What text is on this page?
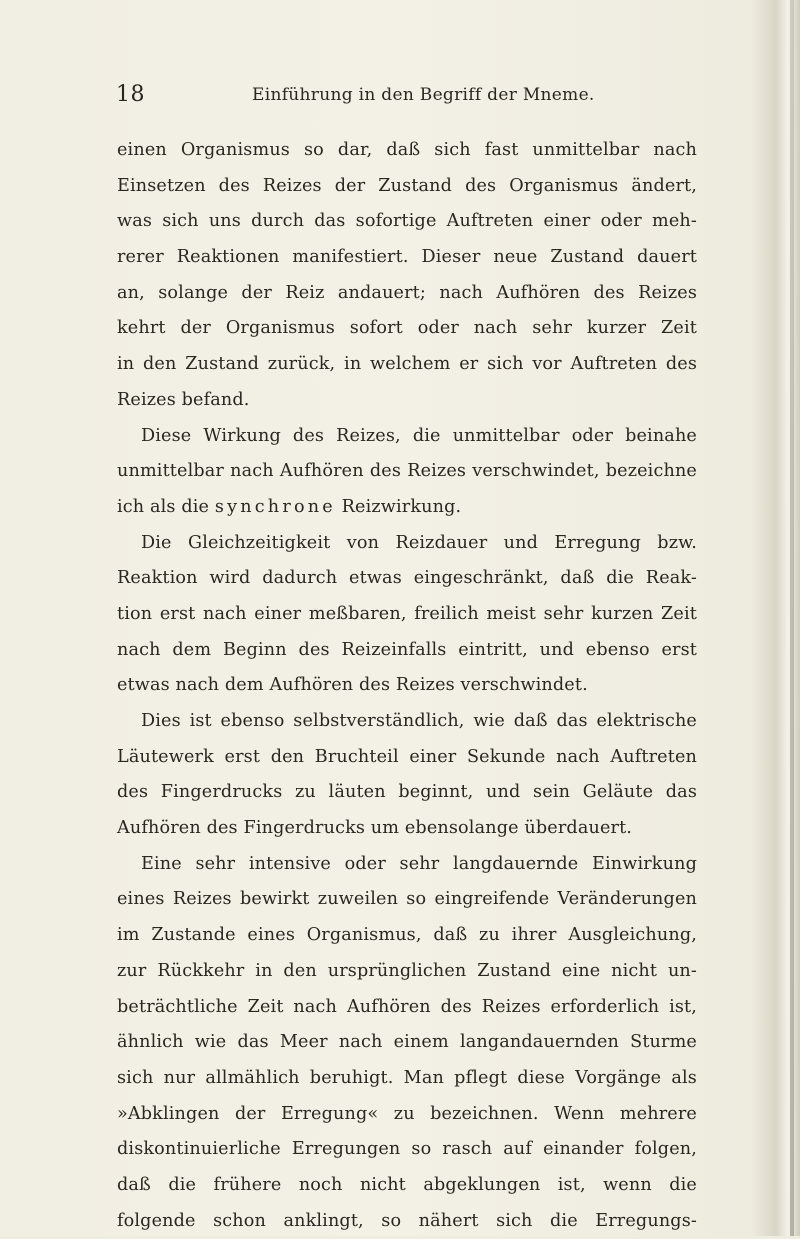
18	Einführung in den Begriff der Mneme.
einen Organismus so dar, daß sich fast unmittelbar nach
Einsetzen des Reizes der Zustand des Organismus ändert,
was sich uns durch das sofortige Auftreten einer oder meh-
rerer Reaktionen manifestiert. Dieser neue Zustand dauert
an, solange der Reiz andauert; nach Aufhören des Reizes
kehrt der Organismus sofort oder nach sehr kurzer Zeit
in den Zustand zurück, in welchem er sich vor Auftreten des
Reizes befand.
Diese Wirkung des Reizes, die unmittelbar oder beinahe
unmittelbar nach Aufhören des Reizes verschwindet, bezeichne
ich als die synchrone Reizwirkung.
Die Gleichzeitigkeit von Reizdauer und Erregung bzw.
Reaktion wird dadurch etwas eingeschränkt, daß die Reak-
tion erst nach einer meßbaren, freilich meist sehr kurzen Zeit
nach dem Beginn des Reizeinfalls eintritt, und ebenso erst
etwas nach dem Aufhören des Reizes verschwindet.
Dies ist ebenso selbstverständlich, wie daß das elektrische
Läutewerk erst den Bruchteil einer Sekunde nach Auftreten
des Fingerdrucks zu läuten beginnt, und sein Geläute das
Aufhören des Fingerdrucks um ebensolange überdauert.
Eine sehr intensive oder sehr langdauernde Einwirkung
eines Reizes bewirkt zuweilen so eingreifende Veränderungen
im Zustande eines Organismus, daß zu ihrer Ausgleichung,
zur Rückkehr in den ursprünglichen Zustand eine nicht un-
beträchtliche Zeit nach Aufhören des Reizes erforderlich ist,
ähnlich wie das Meer nach einem langandauernden Sturme
sich nur allmählich beruhigt. Man pflegt diese Vorgänge als
»Abklingen der Erregung« zu bezeichnen. Wenn mehrere
diskontinuierliche Erregungen so rasch auf einander folgen,
daß die frühere noch nicht abgeklungen ist, wenn die
folgende schon anklingt, so nähert sich die Erregungs-
